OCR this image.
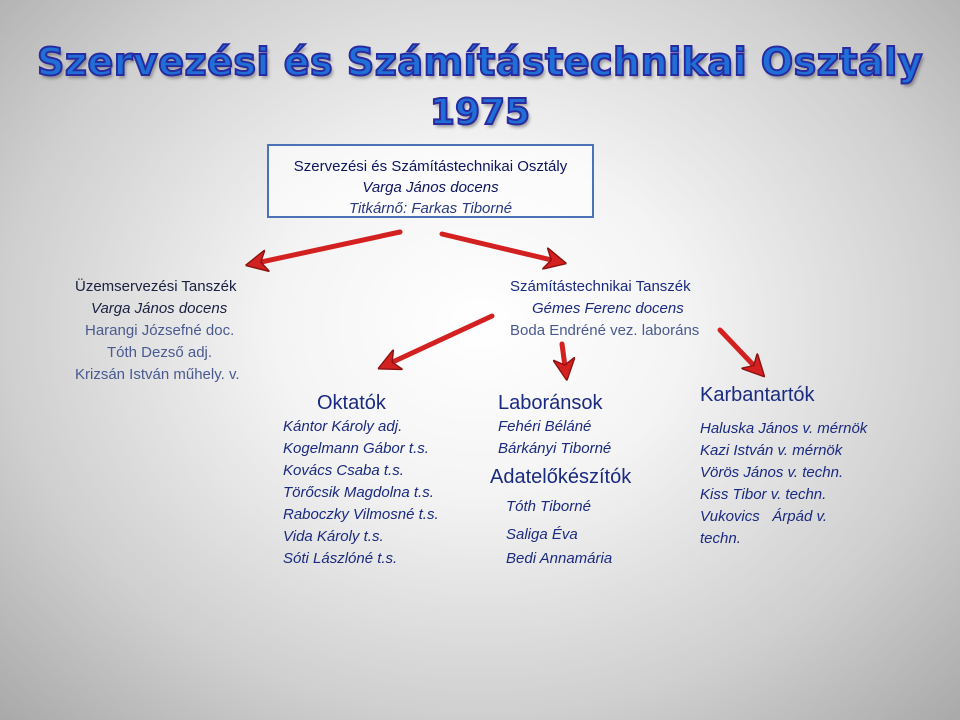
Szervezési és Számítástechnikai Osztály
1975
Szervezési és Számítástechnikai Osztály
Varga János docens
Titkárnő: Farkas Tiborné
Üzemservezési Tanszék
Varga János docens
Harangi Józsefné doc.
Tóth Dezső adj.
Krizsán István műhely. v.
Számítástechnikai Tanszék
Gémes Ferenc docens
Boda Endréné vez. laboráns
Oktatók
Kántor Károly adj.
Kogelmann Gábor t.s.
Kovács Csaba t.s.
Törőcsik Magdolna t.s.
Raboczky Vilmosné t.s.
Vida Károly t.s.
Sóti Lászlóné t.s.
Laboránsok
Fehéri Béláné
Bárkányi Tiborné
Adatelőkészítók
Tóth Tiborné
Saliga Éva
Bedi Annamária
Karbantartók
Haluska János v. mérnök
Kazi István v. mérnök
Vörös János v. techn.
Kiss Tibor v. techn.
Vukovics   Árpád v.
techn.
